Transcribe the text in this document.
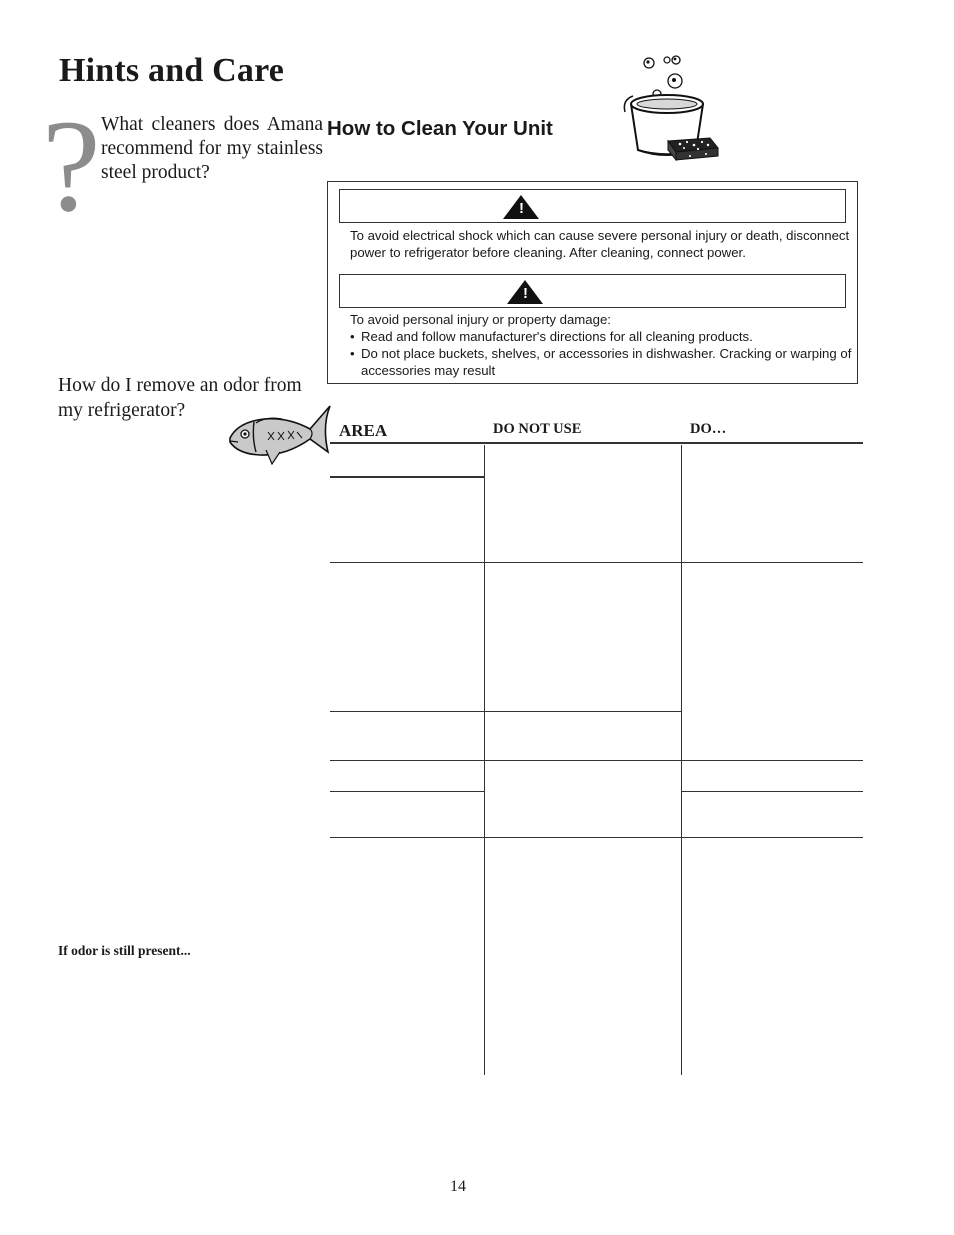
Hints and Care
? What cleaners does Amana recommend for my stainless steel product?
How to Clean Your Unit
!
To avoid electrical shock which can cause severe personal injury or death, disconnect power to refrigerator before cleaning. After cleaning, connect power.
!
To avoid personal injury or property damage:
• Read and follow manufacturer's directions for all cleaning products.
• Do not place buckets, shelves, or accessories in dishwasher. Cracking or warping of accessories may result
How do I remove an odor from my refrigerator?
AREA	DO NOT USE	DO…
If odor is still present...
14
